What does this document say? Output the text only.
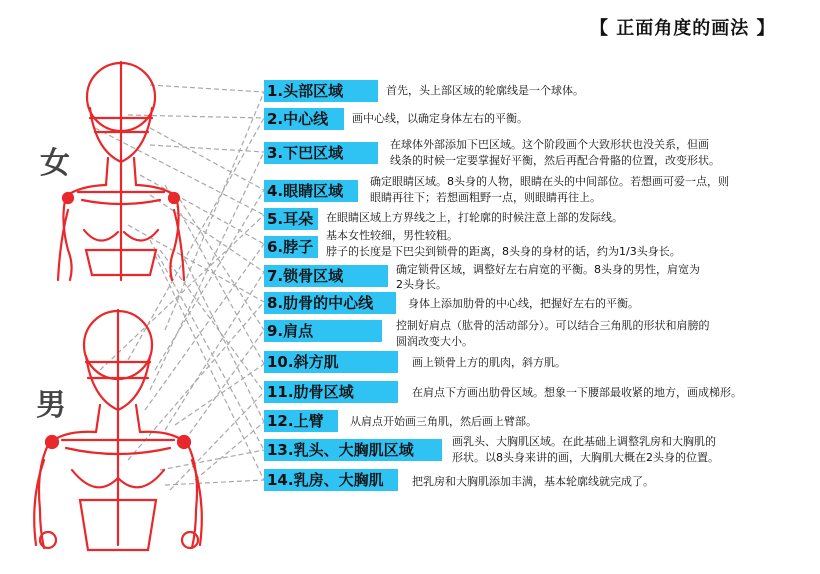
【 正面角度的画法 】
女
男
1.头部区域	首先，头上部区域的轮廓线是一个球体。
2.中心线	画中心线，以确定身体左右的平衡。
3.下巴区域	在球体外部添加下巴区域。这个阶段画个大致形状也没关系，但画
线条的时候一定要掌握好平衡，然后再配合骨骼的位置，改变形状。
4.眼睛区域
确定眼睛区域。8头身的人物，眼睛在头的中间部位。若想画可爱一点，则
眼睛再往下；若想画粗野一点，则眼睛再往上。
5.耳朵	在眼睛区域上方界线之上，打轮廓的时候注意上部的发际线。
6.脖子
基本女性较细，男性较粗。
脖子的长度是下巴尖到锁骨的距离，8头身的身材的话，约为1/3头身长。
7.锁骨区域	确定锁骨区域，调整好左右肩宽的平衡。8头身的男性，肩宽为
2头身长。
8.肋骨的中心线	身体上添加肋骨的中心线，把握好左右的平衡。
9.肩点	控制好肩点（肱骨的活动部分）。可以结合三角肌的形状和肩膀的
圆润改变大小。
10.斜方肌	画上锁骨上方的肌肉，斜方肌。
11.肋骨区域	在肩点下方画出肋骨区域。想象一下腰部最收紧的地方，画成梯形。
12.上臂	从肩点开始画三角肌，然后画上臂部。
13.乳头、大胸肌区域	画乳头、大胸肌区域。在此基础上调整乳房和大胸肌的
形状。以8头身来讲的画，大胸肌大概在2头身的位置。
14.乳房、大胸肌	把乳房和大胸肌添加丰满，基本轮廓线就完成了。
